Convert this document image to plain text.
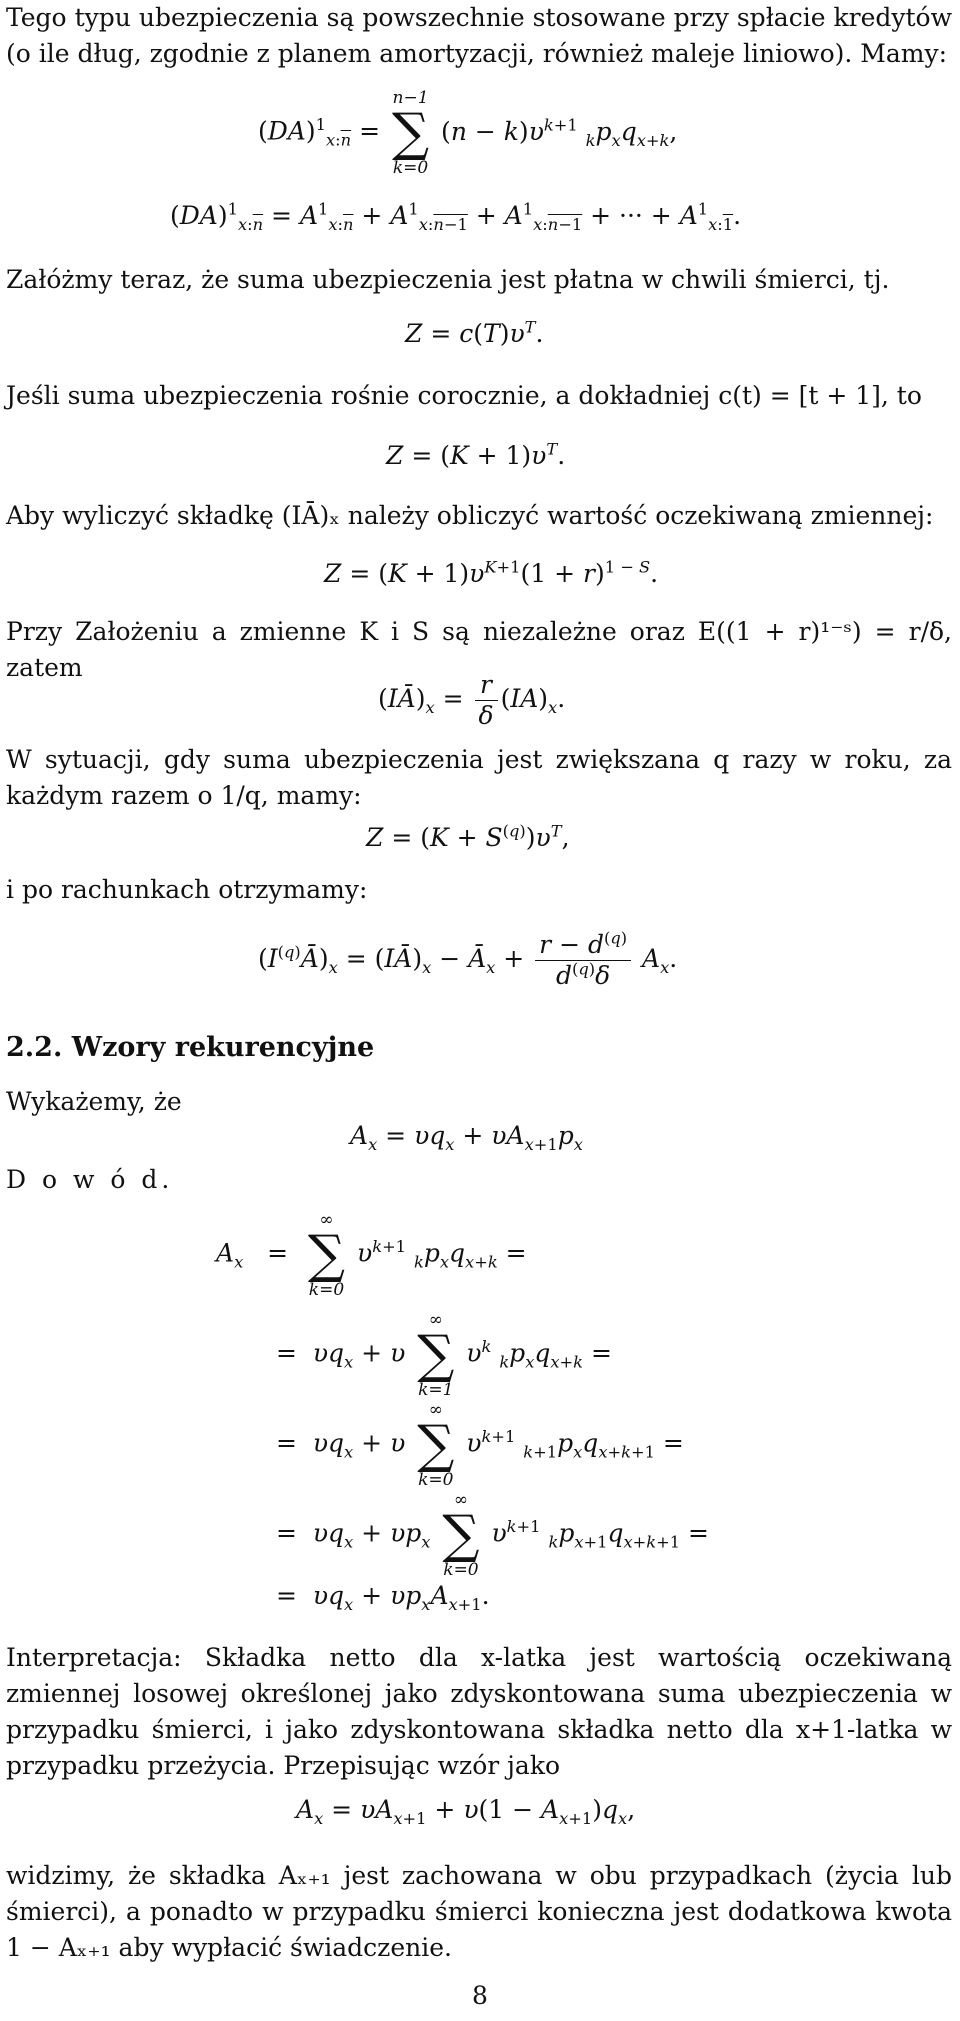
Tego typu ubezpieczenia są powszechnie stosowane przy spłacie kredytów (o ile dług, zgodnie z planem amortyzacji, również maleje liniowo). Mamy:
(DA)$^1_{x:\overline{n}}$ =
n−1
∑
k=0
$(n - k)\upsilon^{k+1}$ $_kp_xq_{x+k}$,
$(DA)^1_{x:\overline{n}} = A^1_{x:\overline{n}} + A^1_{x:n-1} + A^1_{x:n-1}$ + ··· + $A^1_{x:1}$.
Załóżmy teraz, że suma ubezpieczenia jest płatna w chwili śmierci, tj.
$Z = c(T)\upsilon^T$.
Jeśli suma ubezpieczenia rośnie corocznie, a dokładniej c(t) = [t + 1], to
$Z = (K + 1)\upsilon^T$.
Aby wyliczyć składkę (IĀ)ₓ należy obliczyć wartość oczekiwaną zmiennej:
$Z = (K + 1)\upsilon^{K+1}(1 + r)^{1 - S}$.
Przy Założeniu a zmienne K i S są niezależne oraz E((1 + r)¹⁻ˢ) = r/δ, zatem
$(IĀ)_x = \frac{r}{\delta} (IA)_x$.
W sytuacji, gdy suma ubezpieczenia jest zwiększana q razy w roku, za każdym razem o 1/q, mamy:
$Z = (K + S^{(q)})\upsilon^T$,
i po rachunkach otrzymamy:
$(I^{(q)}Ā)_x$ = $(IĀ)_x$ − $Ā_x + \frac{r - d^{(q)}}{d^{(q)}\delta} A_x$.
2.2. Wzory rekurencyjne
Wykażemy, że
$A_x = \upsilon q_x + \upsilon A_{x+1}p_x$
D o w ó d.
$A_x$   =
∞
∑
k=0
$\upsilon^{k+1}$ $_kp_xq_{x+k}$ =
=  $\upsilon q_x + \upsilon$
∞
∑
k=1
$\upsilon^k$ $_kp_xq_{x+k}$ =
=  $\upsilon q_x + \upsilon$
∞
∑
k=0
$\upsilon^{k+1}$ $_{k+1}p_xq_{x+k+1}$ =
=  $\upsilon q_x + \upsilon p_x$
∞
∑
k=0
$\upsilon^{k+1}$ $_kp_{x+1}q_{x+k+1}$ =
=  $\upsilon q_x + \upsilon p_xA_{x+1}$.
Interpretacja: Składka netto dla x-latka jest wartością oczekiwaną zmiennej losowej określonej jako zdyskontowana suma ubezpieczenia w przypadku śmierci, i jako zdyskontowana składka netto dla x+1-latka w przypadku przeżycia. Przepisując wzór jako
$A_x = \upsilon A_{x+1} + \upsilon(1 - A_{x+1})q_x$,
widzimy, że składka Aₓ₊₁ jest zachowana w obu przypadkach (życia lub śmierci), a ponadto w przypadku śmierci konieczna jest dodatkowa kwota 1 − Aₓ₊₁ aby wypłacić świadczenie.
8
